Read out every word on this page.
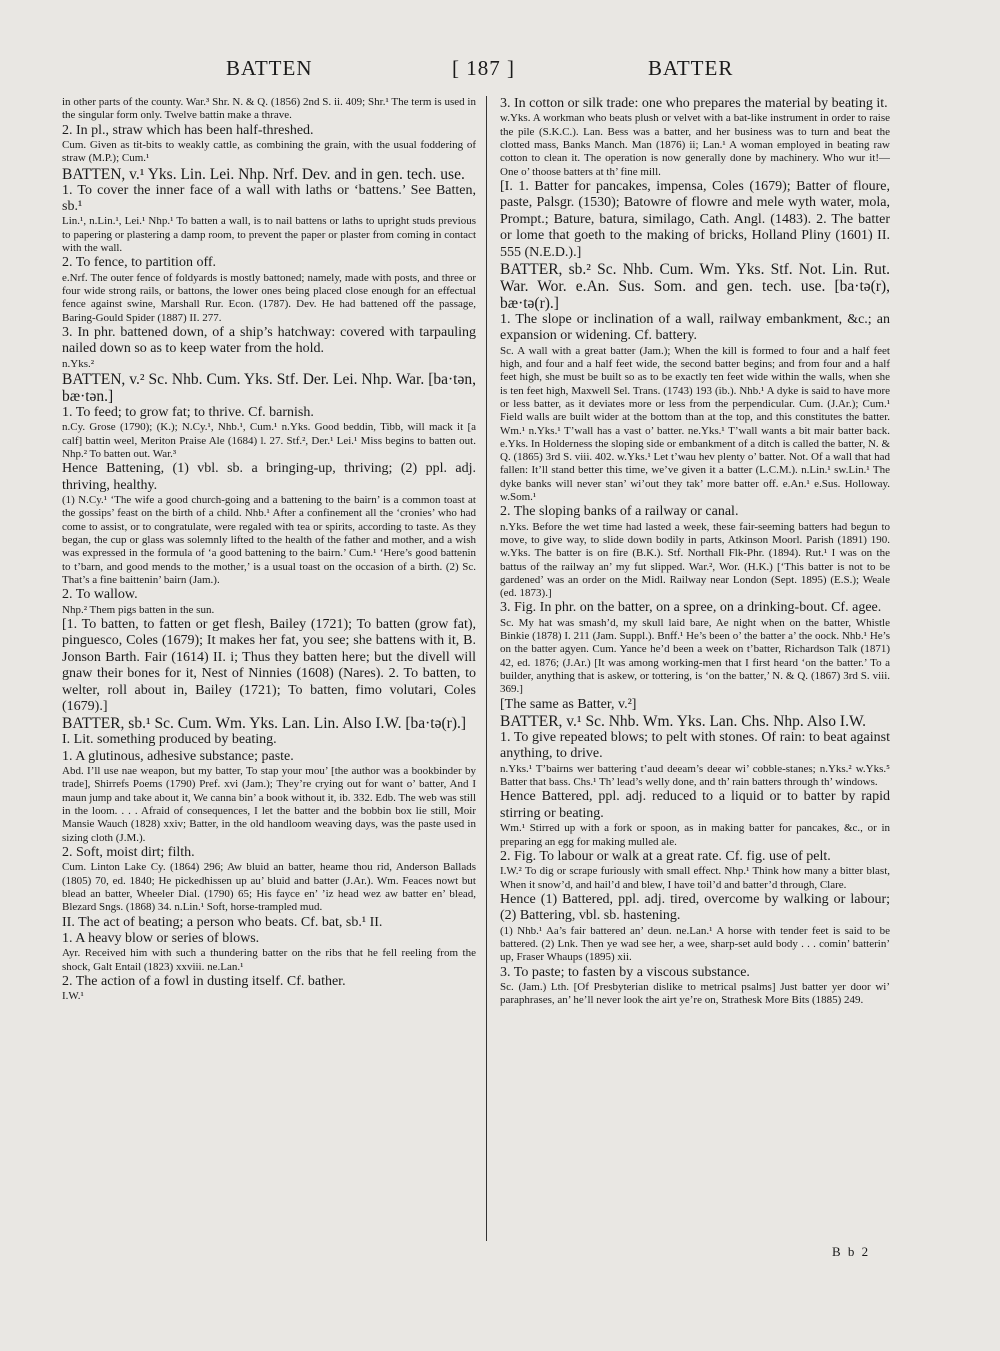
BATTEN	[ 187 ]	BATTER

in other parts of the county. War.³ Shr. N. & Q. (1856) 2nd S. ii. 409; Shr.¹ The term is used in the singular form only. Twelve battin make a thrave.

2. In pl., straw which has been half-threshed.

Cum. Given as tit-bits to weakly cattle, as combining the grain, with the usual foddering of straw (M.P.); Cum.¹

BATTEN, v.¹ Yks. Lin. Lei. Nhp. Nrf. Dev. and in gen. tech. use.

1. To cover the inner face of a wall with laths or ‘battens.’ See Batten, sb.¹

Lin.¹, n.Lin.¹, Lei.¹ Nhp.¹ To batten a wall, is to nail battens or laths to upright studs previous to papering or plastering a damp room, to prevent the paper or plaster from coming in contact with the wall.

2. To fence, to partition off.

e.Nrf. The outer fence of foldyards is mostly battoned; namely, made with posts, and three or four wide strong rails, or battons, the lower ones being placed close enough for an effectual fence against swine, Marshall Rur. Econ. (1787). Dev. He had battened off the passage, Baring-Gould Spider (1887) II. 277.

3. In phr. battened down, of a ship’s hatchway: covered with tarpauling nailed down so as to keep water from the hold.

n.Yks.²

BATTEN, v.² Sc. Nhb. Cum. Yks. Stf. Der. Lei. Nhp. War. [ba·tən, bæ·tən.]

1. To feed; to grow fat; to thrive. Cf. barnish.

n.Cy. Grose (1790); (K.); N.Cy.¹, Nhb.¹, Cum.¹ n.Yks. Good beddin, Tibb, will mack it [a calf] battin weel, Meriton Praise Ale (1684) l. 27. Stf.², Der.¹ Lei.¹ Miss begins to batten out. Nhp.² To batten out. War.³

Hence Battening, (1) vbl. sb. a bringing-up, thriving; (2) ppl. adj. thriving, healthy.

(1) N.Cy.¹ ‘The wife a good church-going and a battening to the bairn’ is a common toast at the gossips’ feast on the birth of a child. Nhb.¹ After a confinement all the ‘cronies’ who had come to assist, or to congratulate, were regaled with tea or spirits, according to taste. As they began, the cup or glass was solemnly lifted to the health of the father and mother, and a wish was expressed in the formula of ‘a good battening to the bairn.’ Cum.¹ ‘Here’s good battenin to t’barn, and good mends to the mother,’ is a usual toast on the occasion of a birth. (2) Sc. That’s a fine baittenin’ bairn (Jam.).

2. To wallow.

Nhp.² Them pigs batten in the sun.

[1. To batten, to fatten or get flesh, Bailey (1721); To batten (grow fat), pinguesco, Coles (1679); It makes her fat, you see; she battens with it, B. Jonson Barth. Fair (1614) II. i; Thus they batten here; but the divell will gnaw their bones for it, Nest of Ninnies (1608) (Nares). 2. To batten, to welter, roll about in, Bailey (1721); To batten, fimo volutari, Coles (1679).]

BATTER, sb.¹ Sc. Cum. Wm. Yks. Lan. Lin. Also I.W. [ba·tə(r).]

I. Lit. something produced by beating.

1. A glutinous, adhesive substance; paste.

Abd. I’ll use nae weapon, but my batter, To stap your mou’ [the author was a bookbinder by trade], Shirrefs Poems (1790) Pref. xvi (Jam.); They’re crying out for want o’ batter, And I maun jump and take about it, We canna bin’ a book without it, ib. 332. Edb. The web was still in the loom. . . . Afraid of consequences, I let the batter and the bobbin box lie still, Moir Mansie Wauch (1828) xxiv; Batter, in the old handloom weaving days, was the paste used in sizing cloth (J.M.).

2. Soft, moist dirt; filth.

Cum. Linton Lake Cy. (1864) 296; Aw bluid an batter, heame thou rid, Anderson Ballads (1805) 70, ed. 1840; He pickedhissen up au’ bluid and batter (J.Ar.). Wm. Feaces nowt but blead an batter, Wheeler Dial. (1790) 65; His fayce en’ ’iz head wez aw batter en’ blead, Blezard Sngs. (1868) 34. n.Lin.¹ Soft, horse-trampled mud.

II. The act of beating; a person who beats. Cf. bat, sb.¹ II.

1. A heavy blow or series of blows.

Ayr. Received him with such a thundering batter on the ribs that he fell reeling from the shock, Galt Entail (1823) xxviii. ne.Lan.¹

2. The action of a fowl in dusting itself. Cf. bather.

I.W.¹

3. In cotton or silk trade: one who prepares the material by beating it.

w.Yks. A workman who beats plush or velvet with a bat-like instrument in order to raise the pile (S.K.C.). Lan. Bess was a batter, and her business was to turn and beat the clotted mass, Banks Manch. Man (1876) ii; Lan.¹ A woman employed in beating raw cotton to clean it. The operation is now generally done by machinery. Who wur it!—One o’ thoose batters at th’ fine mill.

[I. 1. Batter for pancakes, impensa, Coles (1679); Batter of floure, paste, Palsgr. (1530); Batowre of flowre and mele wyth water, mola, Prompt.; Bature, batura, similago, Cath. Angl. (1483). 2. The batter or lome that goeth to the making of bricks, Holland Pliny (1601) II. 555 (N.E.D.).]

BATTER, sb.² Sc. Nhb. Cum. Wm. Yks. Stf. Not. Lin. Rut. War. Wor. e.An. Sus. Som. and gen. tech. use. [ba·tə(r), bæ·tə(r).]

1. The slope or inclination of a wall, railway embankment, &c.; an expansion or widening. Cf. battery.

Sc. A wall with a great batter (Jam.); When the kill is formed to four and a half feet high, and four and a half feet wide, the second batter begins; and from four and a half feet high, she must be built so as to be exactly ten feet wide within the walls, when she is ten feet high, Maxwell Sel. Trans. (1743) 193 (ib.). Nhb.¹ A dyke is said to have more or less batter, as it deviates more or less from the perpendicular. Cum. (J.Ar.); Cum.¹ Field walls are built wider at the bottom than at the top, and this constitutes the batter. Wm.¹ n.Yks.¹ T’wall has a vast o’ batter. ne.Yks.¹ T’wall wants a bit mair batter back. e.Yks. In Holderness the sloping side or embankment of a ditch is called the batter, N. & Q. (1865) 3rd S. viii. 402. w.Yks.¹ Let t’wau hev plenty o’ batter. Not. Of a wall that had fallen: It’ll stand better this time, we’ve given it a batter (L.C.M.). n.Lin.¹ sw.Lin.¹ The dyke banks will never stan’ wi’out they tak’ more batter off. e.An.¹ e.Sus. Holloway. w.Som.¹

2. The sloping banks of a railway or canal.

n.Yks. Before the wet time had lasted a week, these fair-seeming batters had begun to move, to give way, to slide down bodily in parts, Atkinson Moorl. Parish (1891) 190. w.Yks. The batter is on fire (B.K.). Stf. Northall Flk-Phr. (1894). Rut.¹ I was on the battus of the railway an’ my fut slipped. War.², Wor. (H.K.) [‘This batter is not to be gardened’ was an order on the Midl. Railway near London (Sept. 1895) (E.S.); Weale (ed. 1873).]

3. Fig. In phr. on the batter, on a spree, on a drinking-bout. Cf. agee.

Sc. My hat was smash’d, my skull laid bare, Ae night when on the batter, Whistle Binkie (1878) I. 211 (Jam. Suppl.). Bnff.¹ He’s been o’ the batter a’ the oock. Nhb.¹ He’s on the batter agyen. Cum. Yance he’d been a week on t’batter, Richardson Talk (1871) 42, ed. 1876; (J.Ar.) [It was among working-men that I first heard ‘on the batter.’ To a builder, anything that is askew, or tottering, is ‘on the batter,’ N. & Q. (1867) 3rd S. viii. 369.]

[The same as Batter, v.²]

BATTER, v.¹ Sc. Nhb. Wm. Yks. Lan. Chs. Nhp. Also I.W.

1. To give repeated blows; to pelt with stones. Of rain: to beat against anything, to drive.

n.Yks.¹ T’bairns wer battering t’aud deeam’s deear wi’ cobble-stanes; n.Yks.² w.Yks.⁵ Batter that bass. Chs.¹ Th’ lead’s welly done, and th’ rain batters through th’ windows.

Hence Battered, ppl. adj. reduced to a liquid or to batter by rapid stirring or beating.

Wm.¹ Stirred up with a fork or spoon, as in making batter for pancakes, &c., or in preparing an egg for making mulled ale.

2. Fig. To labour or walk at a great rate. Cf. fig. use of pelt.

I.W.² To dig or scrape furiously with small effect. Nhp.¹ Think how many a bitter blast, When it snow’d, and hail’d and blew, I have toil’d and batter’d through, Clare.

Hence (1) Battered, ppl. adj. tired, overcome by walking or labour; (2) Battering, vbl. sb. hastening.

(1) Nhb.¹ Aa’s fair battered an’ deun. ne.Lan.¹ A horse with tender feet is said to be battered. (2) Lnk. Then ye wad see her, a wee, sharp-set auld body . . . comin’ batterin’ up, Fraser Whaups (1895) xii.

3. To paste; to fasten by a viscous substance.

Sc. (Jam.) Lth. [Of Presbyterian dislike to metrical psalms] Just batter yer door wi’ paraphrases, an’ he’ll never look the airt ye’re on, Strathesk More Bits (1885) 249.

B b 2
